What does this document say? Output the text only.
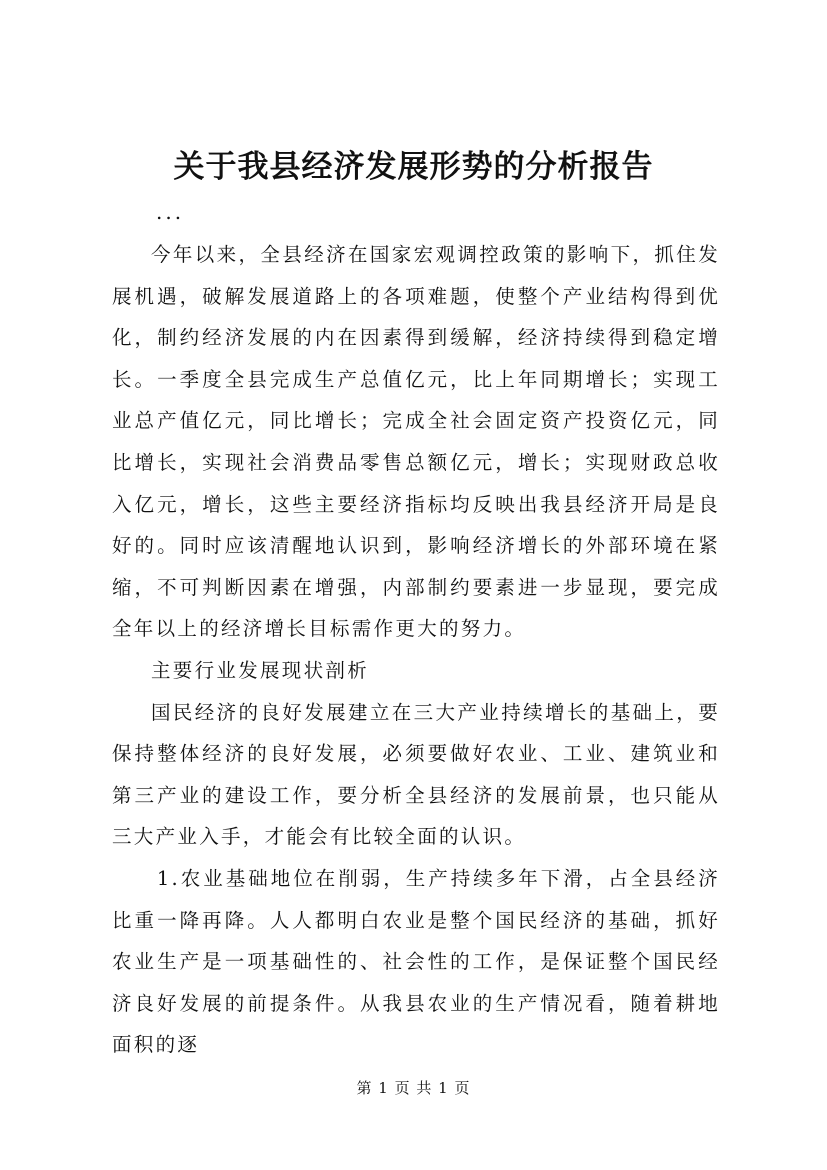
关于我县经济发展形势的分析报告
...

今年以来，全县经济在国家宏观调控政策的影响下，抓住发展机遇，破解发展道路上的各项难题，使整个产业结构得到优化，制约经济发展的内在因素得到缓解，经济持续得到稳定增长。一季度全县完成生产总值亿元，比上年同期增长；实现工业总产值亿元，同比增长；完成全社会固定资产投资亿元，同比增长，实现社会消费品零售总额亿元，增长；实现财政总收入亿元，增长，这些主要经济指标均反映出我县经济开局是良好的。同时应该清醒地认识到，影响经济增长的外部环境在紧缩，不可判断因素在增强，内部制约要素进一步显现，要完成全年以上的经济增长目标需作更大的努力。

主要行业发展现状剖析

国民经济的良好发展建立在三大产业持续增长的基础上，要保持整体经济的良好发展，必须要做好农业、工业、建筑业和第三产业的建设工作，要分析全县经济的发展前景，也只能从三大产业入手，才能会有比较全面的认识。

1.农业基础地位在削弱，生产持续多年下滑，占全县经济比重一降再降。人人都明白农业是整个国民经济的基础，抓好农业生产是一项基础性的、社会性的工作，是保证整个国民经济良好发展的前提条件。从我县农业的生产情况看，随着耕地面积的逐

第 1 页 共 1 页
